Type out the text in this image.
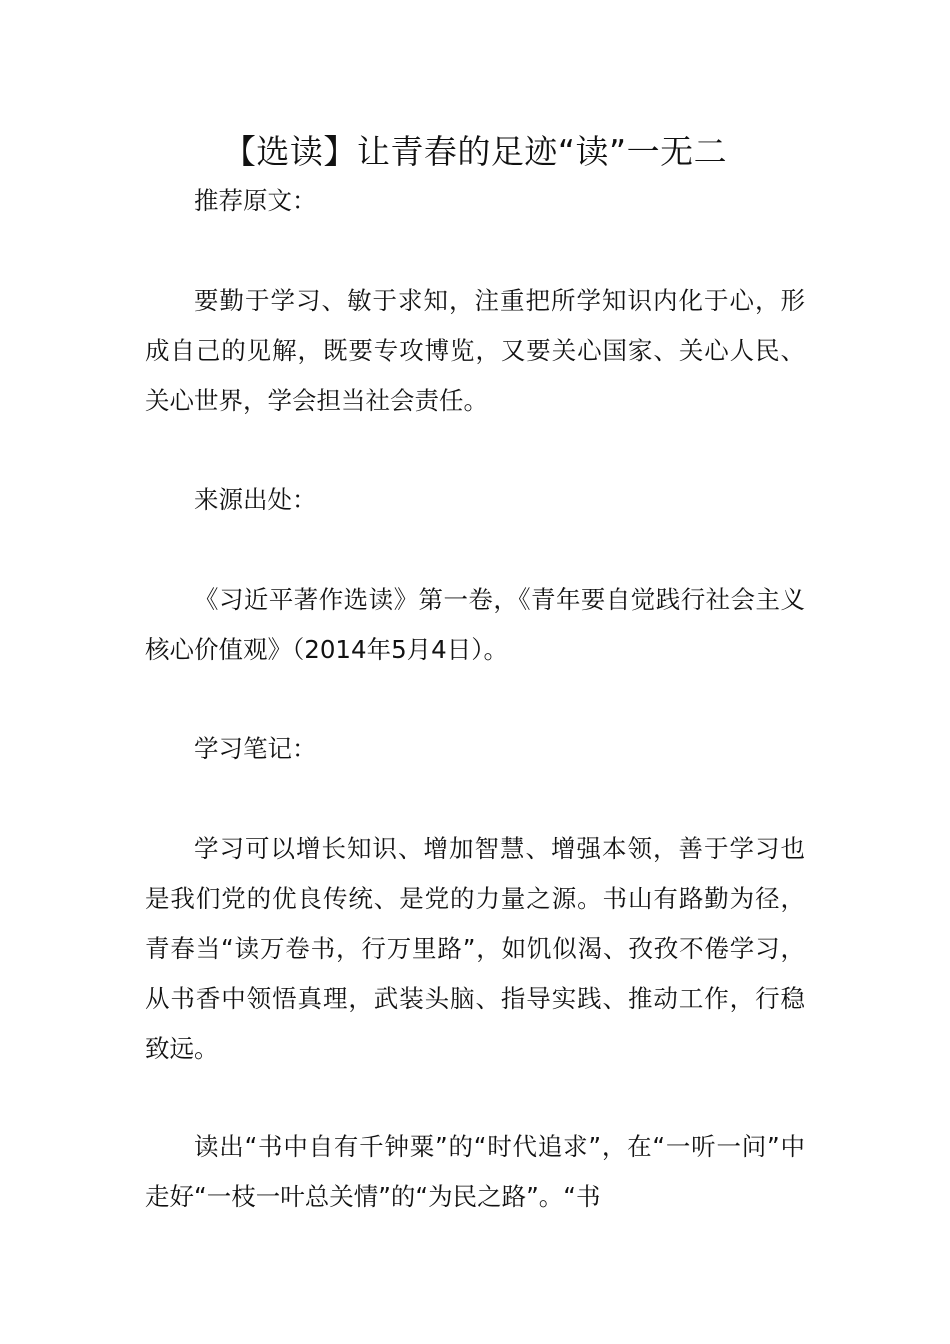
【选读】让青春的足迹“读”一无二

推荐原文：

要勤于学习、敏于求知，注重把所学知识内化于心，形成自己的见解，既要专攻博览，又要关心国家、关心人民、关心世界，学会担当社会责任。

来源出处：

《习近平著作选读》第一卷，《青年要自觉践行社会主义核心价值观》（2014年5月4日）。

学习笔记：

学习可以增长知识、增加智慧、增强本领，善于学习也是我们党的优良传统、是党的力量之源。书山有路勤为径，青春当“读万卷书，行万里路”，如饥似渴、孜孜不倦学习，从书香中领悟真理，武装头脑、指导实践、推动工作，行稳致远。

读出“书中自有千钟粟”的“时代追求”，在“一听一问”中走好“一枝一叶总关情”的“为民之路”。“书
